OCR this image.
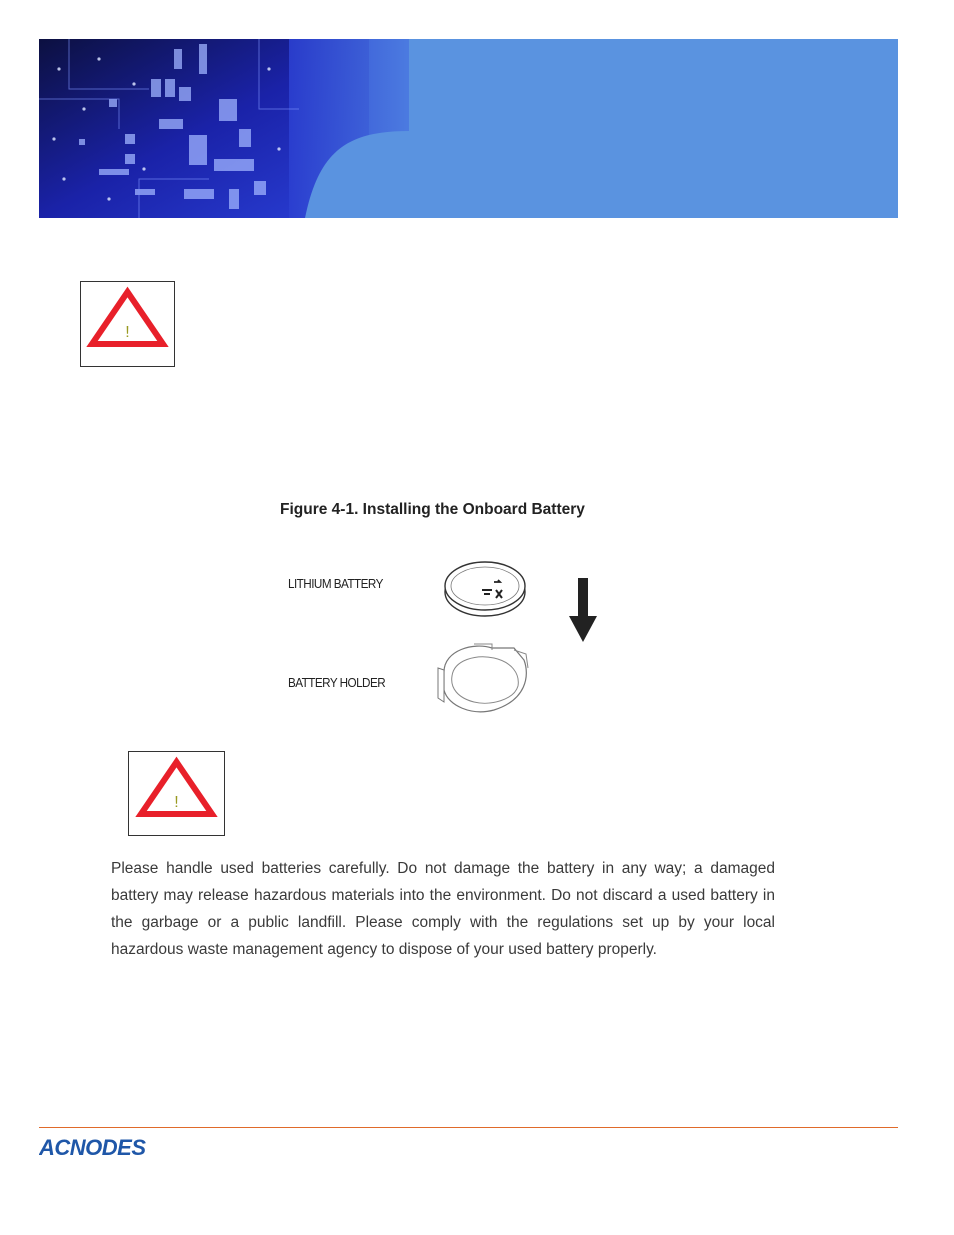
!
Figure 4-1. Installing the Onboard Battery
LITHIUM BATTERY
BATTERY HOLDER
!
Please handle used batteries carefully. Do not damage the battery in any way; a damaged battery may release hazardous materials into the environment. Do not discard a used battery in the garbage or a public landfill. Please comply with the regulations set up by your local hazardous waste management agency to dispose of your used battery properly.
ACNODES
